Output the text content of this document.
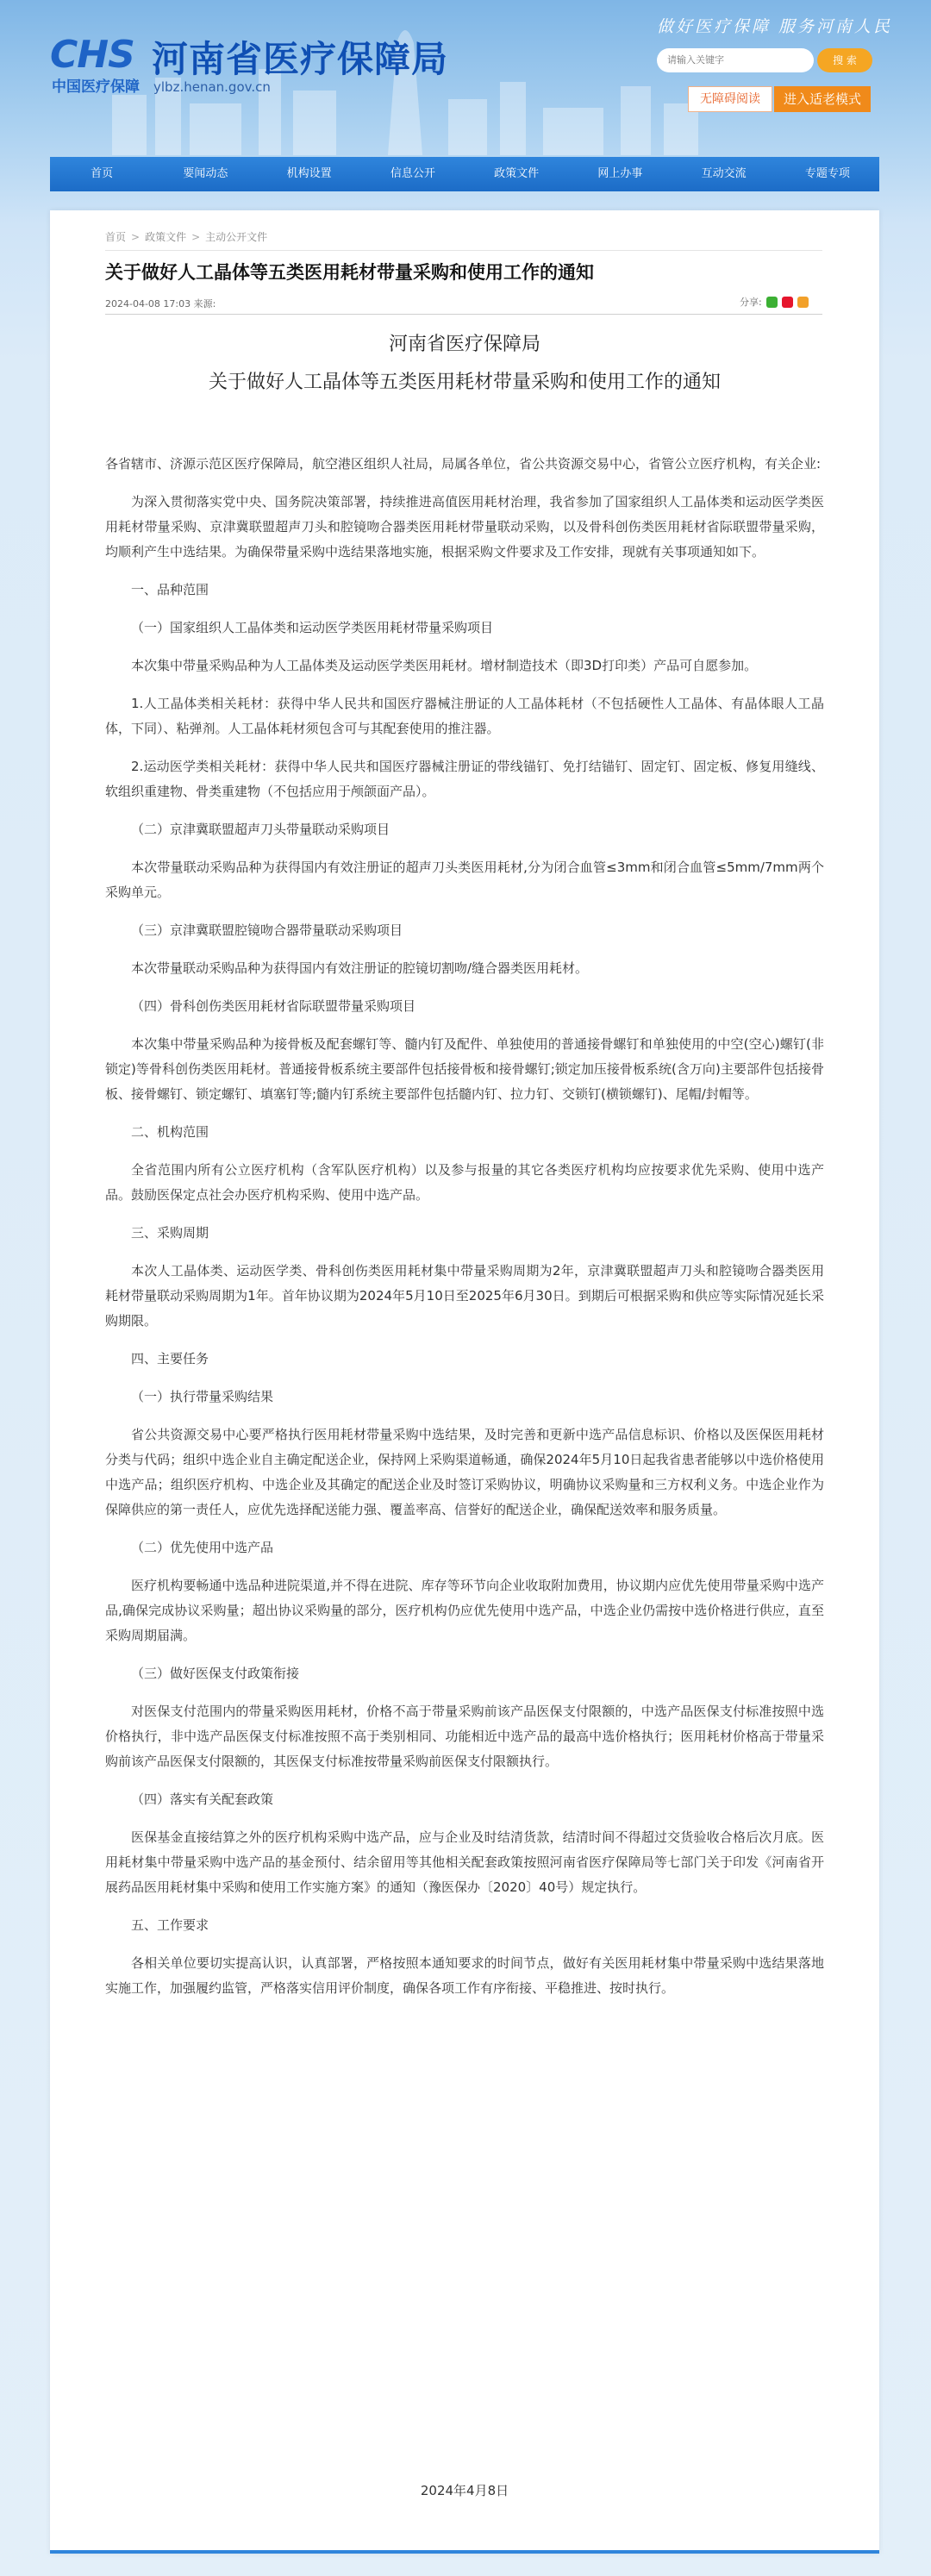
CHS
中国医疗保障
河南省医疗保障局
ylbz.henan.gov.cn
做好医疗保障 服务河南人民
请输入关键字
搜 索
无障碍阅读	进入适老模式
首页	要闻动态	机构设置	信息公开	政策文件	网上办事	互动交流	专题专项
首页 > 政策文件 > 主动公开文件
关于做好人工晶体等五类医用耗材带量采购和使用工作的通知
2024-04-08 17:03 来源:	分享:
河南省医疗保障局
关于做好人工晶体等五类医用耗材带量采购和使用工作的通知

各省辖市、济源示范区医疗保障局，航空港区组织人社局，局属各单位，省公共资源交易中心，省管公立医疗机构，有关企业:

为深入贯彻落实党中央、国务院决策部署，持续推进高值医用耗材治理，我省参加了国家组织人工晶体类和运动医学类医用耗材带量采购、京津冀联盟超声刀头和腔镜吻合器类医用耗材带量联动采购，以及骨科创伤类医用耗材省际联盟带量采购，均顺利产生中选结果。为确保带量采购中选结果落地实施，根据采购文件要求及工作安排，现就有关事项通知如下。

一、品种范围

（一）国家组织人工晶体类和运动医学类医用耗材带量采购项目

本次集中带量采购品种为人工晶体类及运动医学类医用耗材。增材制造技术（即3D打印类）产品可自愿参加。

1.人工晶体类相关耗材：获得中华人民共和国医疗器械注册证的人工晶体耗材（不包括硬性人工晶体、有晶体眼人工晶体，下同）、粘弹剂。人工晶体耗材须包含可与其配套使用的推注器。

2.运动医学类相关耗材：获得中华人民共和国医疗器械注册证的带线锚钉、免打结锚钉、固定钉、固定板、修复用缝线、软组织重建物、骨类重建物（不包括应用于颅颌面产品）。

（二）京津冀联盟超声刀头带量联动采购项目

本次带量联动采购品种为获得国内有效注册证的超声刀头类医用耗材,分为闭合血管≤3mm和闭合血管≤5mm/7mm两个采购单元。

（三）京津冀联盟腔镜吻合器带量联动采购项目

本次带量联动采购品种为获得国内有效注册证的腔镜切割吻/缝合器类医用耗材。

（四）骨科创伤类医用耗材省际联盟带量采购项目

本次集中带量采购品种为接骨板及配套螺钉等、髓内钉及配件、单独使用的普通接骨螺钉和单独使用的中空(空心)螺钉(非锁定)等骨科创伤类医用耗材。普通接骨板系统主要部件包括接骨板和接骨螺钉;锁定加压接骨板系统(含万向)主要部件包括接骨板、接骨螺钉、锁定螺钉、填塞钉等;髓内钉系统主要部件包括髓内钉、拉力钉、交锁钉(横锁螺钉)、尾帽/封帽等。

二、机构范围

全省范围内所有公立医疗机构（含军队医疗机构）以及参与报量的其它各类医疗机构均应按要求优先采购、使用中选产品。鼓励医保定点社会办医疗机构采购、使用中选产品。

三、采购周期

本次人工晶体类、运动医学类、骨科创伤类医用耗材集中带量采购周期为2年，京津冀联盟超声刀头和腔镜吻合器类医用耗材带量联动采购周期为1年。首年协议期为2024年5月10日至2025年6月30日。到期后可根据采购和供应等实际情况延长采购期限。

四、主要任务

（一）执行带量采购结果

省公共资源交易中心要严格执行医用耗材带量采购中选结果，及时完善和更新中选产品信息标识、价格以及医保医用耗材分类与代码；组织中选企业自主确定配送企业，保持网上采购渠道畅通，确保2024年5月10日起我省患者能够以中选价格使用中选产品；组织医疗机构、中选企业及其确定的配送企业及时签订采购协议，明确协议采购量和三方权利义务。中选企业作为保障供应的第一责任人，应优先选择配送能力强、覆盖率高、信誉好的配送企业，确保配送效率和服务质量。

（二）优先使用中选产品

医疗机构要畅通中选品种进院渠道,并不得在进院、库存等环节向企业收取附加费用，协议期内应优先使用带量采购中选产品,确保完成协议采购量；超出协议采购量的部分，医疗机构仍应优先使用中选产品，中选企业仍需按中选价格进行供应，直至采购周期届满。

（三）做好医保支付政策衔接

对医保支付范围内的带量采购医用耗材，价格不高于带量采购前该产品医保支付限额的，中选产品医保支付标准按照中选价格执行，非中选产品医保支付标准按照不高于类别相同、功能相近中选产品的最高中选价格执行；医用耗材价格高于带量采购前该产品医保支付限额的，其医保支付标准按带量采购前医保支付限额执行。

（四）落实有关配套政策

医保基金直接结算之外的医疗机构采购中选产品，应与企业及时结清货款，结清时间不得超过交货验收合格后次月底。医用耗材集中带量采购中选产品的基金预付、结余留用等其他相关配套政策按照河南省医疗保障局等七部门关于印发《河南省开展药品医用耗材集中采购和使用工作实施方案》的通知（豫医保办〔2020〕40号）规定执行。

五、工作要求

各相关单位要切实提高认识，认真部署，严格按照本通知要求的时间节点，做好有关医用耗材集中带量采购中选结果落地实施工作，加强履约监管，严格落实信用评价制度，确保各项工作有序衔接、平稳推进、按时执行。

2024年4月8日
